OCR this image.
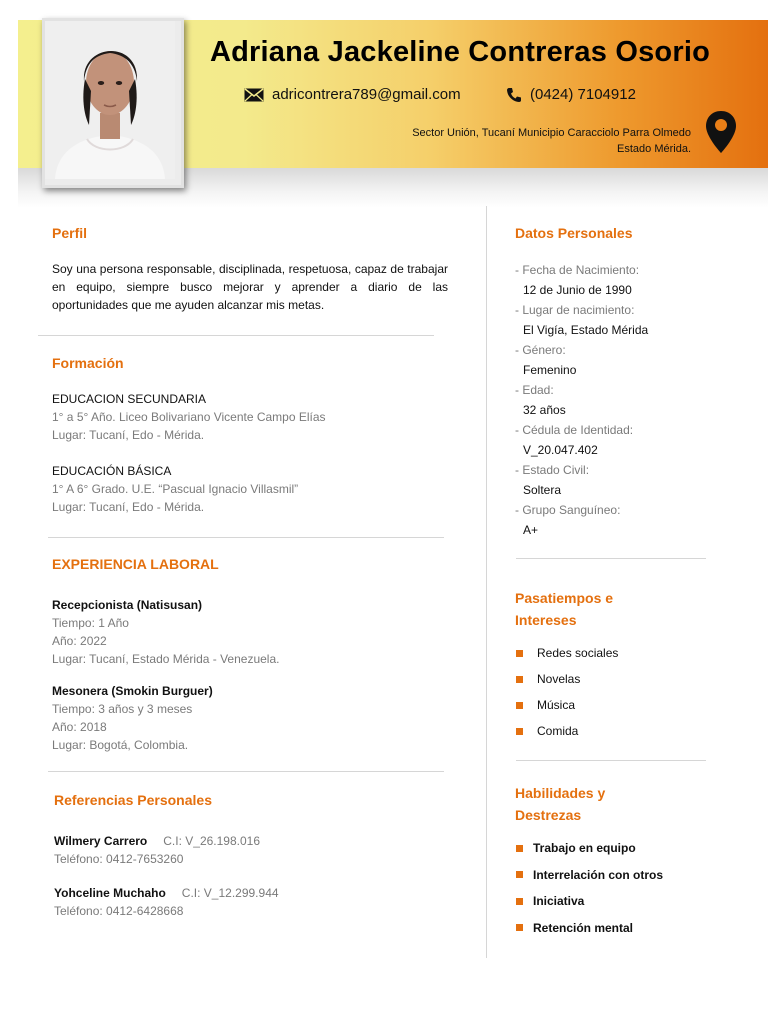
Adriana Jackeline Contreras Osorio
adricontrera789@gmail.com	(0424) 7104912
Sector Unión, Tucaní Municipio Caracciolo Parra Olmedo
Estado Mérida.
Perfil
Soy una persona responsable, disciplinada, respetuosa, capaz de trabajar en equipo, siempre busco mejorar y aprender a diario de las oportunidades que me ayuden alcanzar mis metas.
Formación
EDUCACION SECUNDARIA
1° a 5° Año. Liceo Bolivariano Vicente Campo Elías
Lugar: Tucaní, Edo - Mérida.
EDUCACIÓN BÁSICA
1° A 6° Grado. U.E. “Pascual Ignacio Villasmil”
Lugar: Tucaní, Edo - Mérida.
EXPERIENCIA LABORAL
Recepcionista (Natisusan)
Tiempo: 1 Año
Año: 2022
Lugar: Tucaní, Estado Mérida - Venezuela.
Mesonera (Smokin Burguer)
Tiempo: 3 años y 3 meses
Año: 2018
Lugar: Bogotá, Colombia.
Referencias Personales
Wilmery Carrero C.I: V_26.198.016
Teléfono: 0412-7653260
Yohceline Muchaho C.I: V_12.299.944
Teléfono: 0412-6428668
Datos Personales
- Fecha de Nacimiento:
12 de Junio de 1990
- Lugar de nacimiento:
El Vigía, Estado Mérida
- Género:
Femenino
- Edad:
32 años
- Cédula de Identidad:
V_20.047.402
- Estado Civil:
Soltera
- Grupo Sanguíneo:
A+
Pasatiempos e
Intereses
Redes sociales
Novelas
Música
Comida
Habilidades y
Destrezas
Trabajo en equipo
Interrelación con otros
Iniciativa
Retención mental
